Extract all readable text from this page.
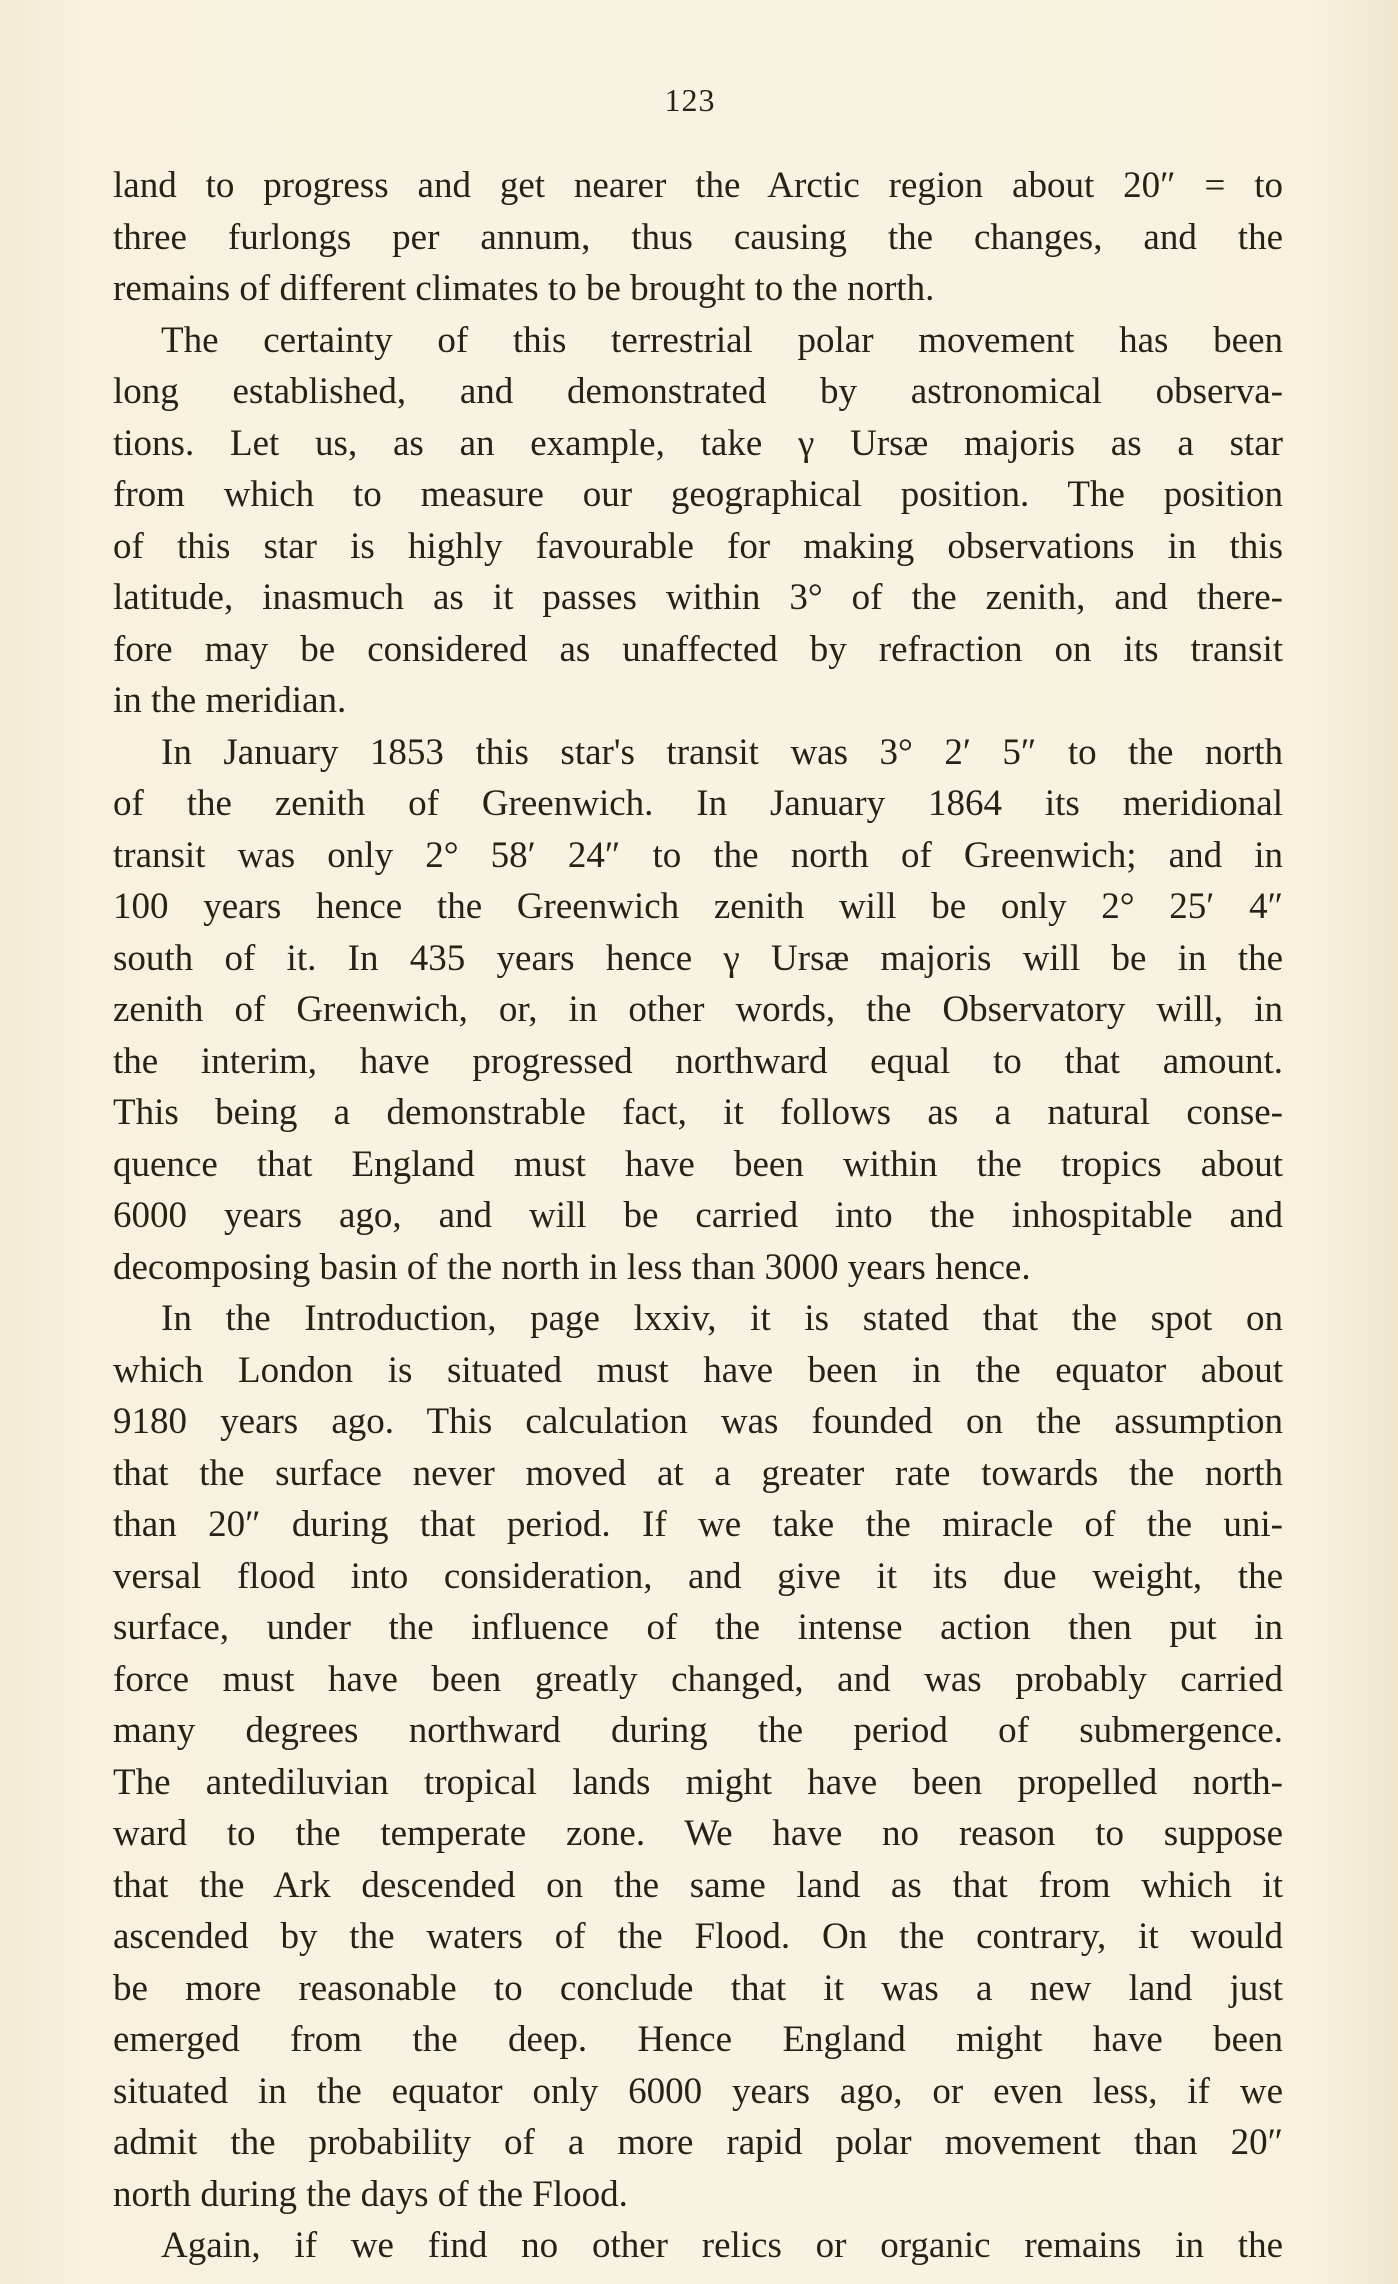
123
land to progress and get nearer the Arctic region about 20″ = to
three furlongs per annum, thus causing the changes, and the
remains of different climates to be brought to the north.
The certainty of this terrestrial polar movement has been
long established, and demonstrated by astronomical observa-
tions. Let us, as an example, take γ Ursæ majoris as a star
from which to measure our geographical position. The position
of this star is highly favourable for making observations in this
latitude, inasmuch as it passes within 3° of the zenith, and there-
fore may be considered as unaffected by refraction on its transit
in the meridian.
In January 1853 this star's transit was 3° 2′ 5″ to the north
of the zenith of Greenwich. In January 1864 its meridional
transit was only 2° 58′ 24″ to the north of Greenwich; and in
100 years hence the Greenwich zenith will be only 2° 25′ 4″
south of it. In 435 years hence γ Ursæ majoris will be in the
zenith of Greenwich, or, in other words, the Observatory will, in
the interim, have progressed northward equal to that amount.
This being a demonstrable fact, it follows as a natural conse-
quence that England must have been within the tropics about
6000 years ago, and will be carried into the inhospitable and
decomposing basin of the north in less than 3000 years hence.
In the Introduction, page lxxiv, it is stated that the spot on
which London is situated must have been in the equator about
9180 years ago. This calculation was founded on the assumption
that the surface never moved at a greater rate towards the north
than 20″ during that period. If we take the miracle of the uni-
versal flood into consideration, and give it its due weight, the
surface, under the influence of the intense action then put in
force must have been greatly changed, and was probably carried
many degrees northward during the period of submergence.
The antediluvian tropical lands might have been propelled north-
ward to the temperate zone. We have no reason to suppose
that the Ark descended on the same land as that from which it
ascended by the waters of the Flood. On the contrary, it would
be more reasonable to conclude that it was a new land just
emerged from the deep. Hence England might have been
situated in the equator only 6000 years ago, or even less, if we
admit the probability of a more rapid polar movement than 20″
north during the days of the Flood.
Again, if we find no other relics or organic remains in the
